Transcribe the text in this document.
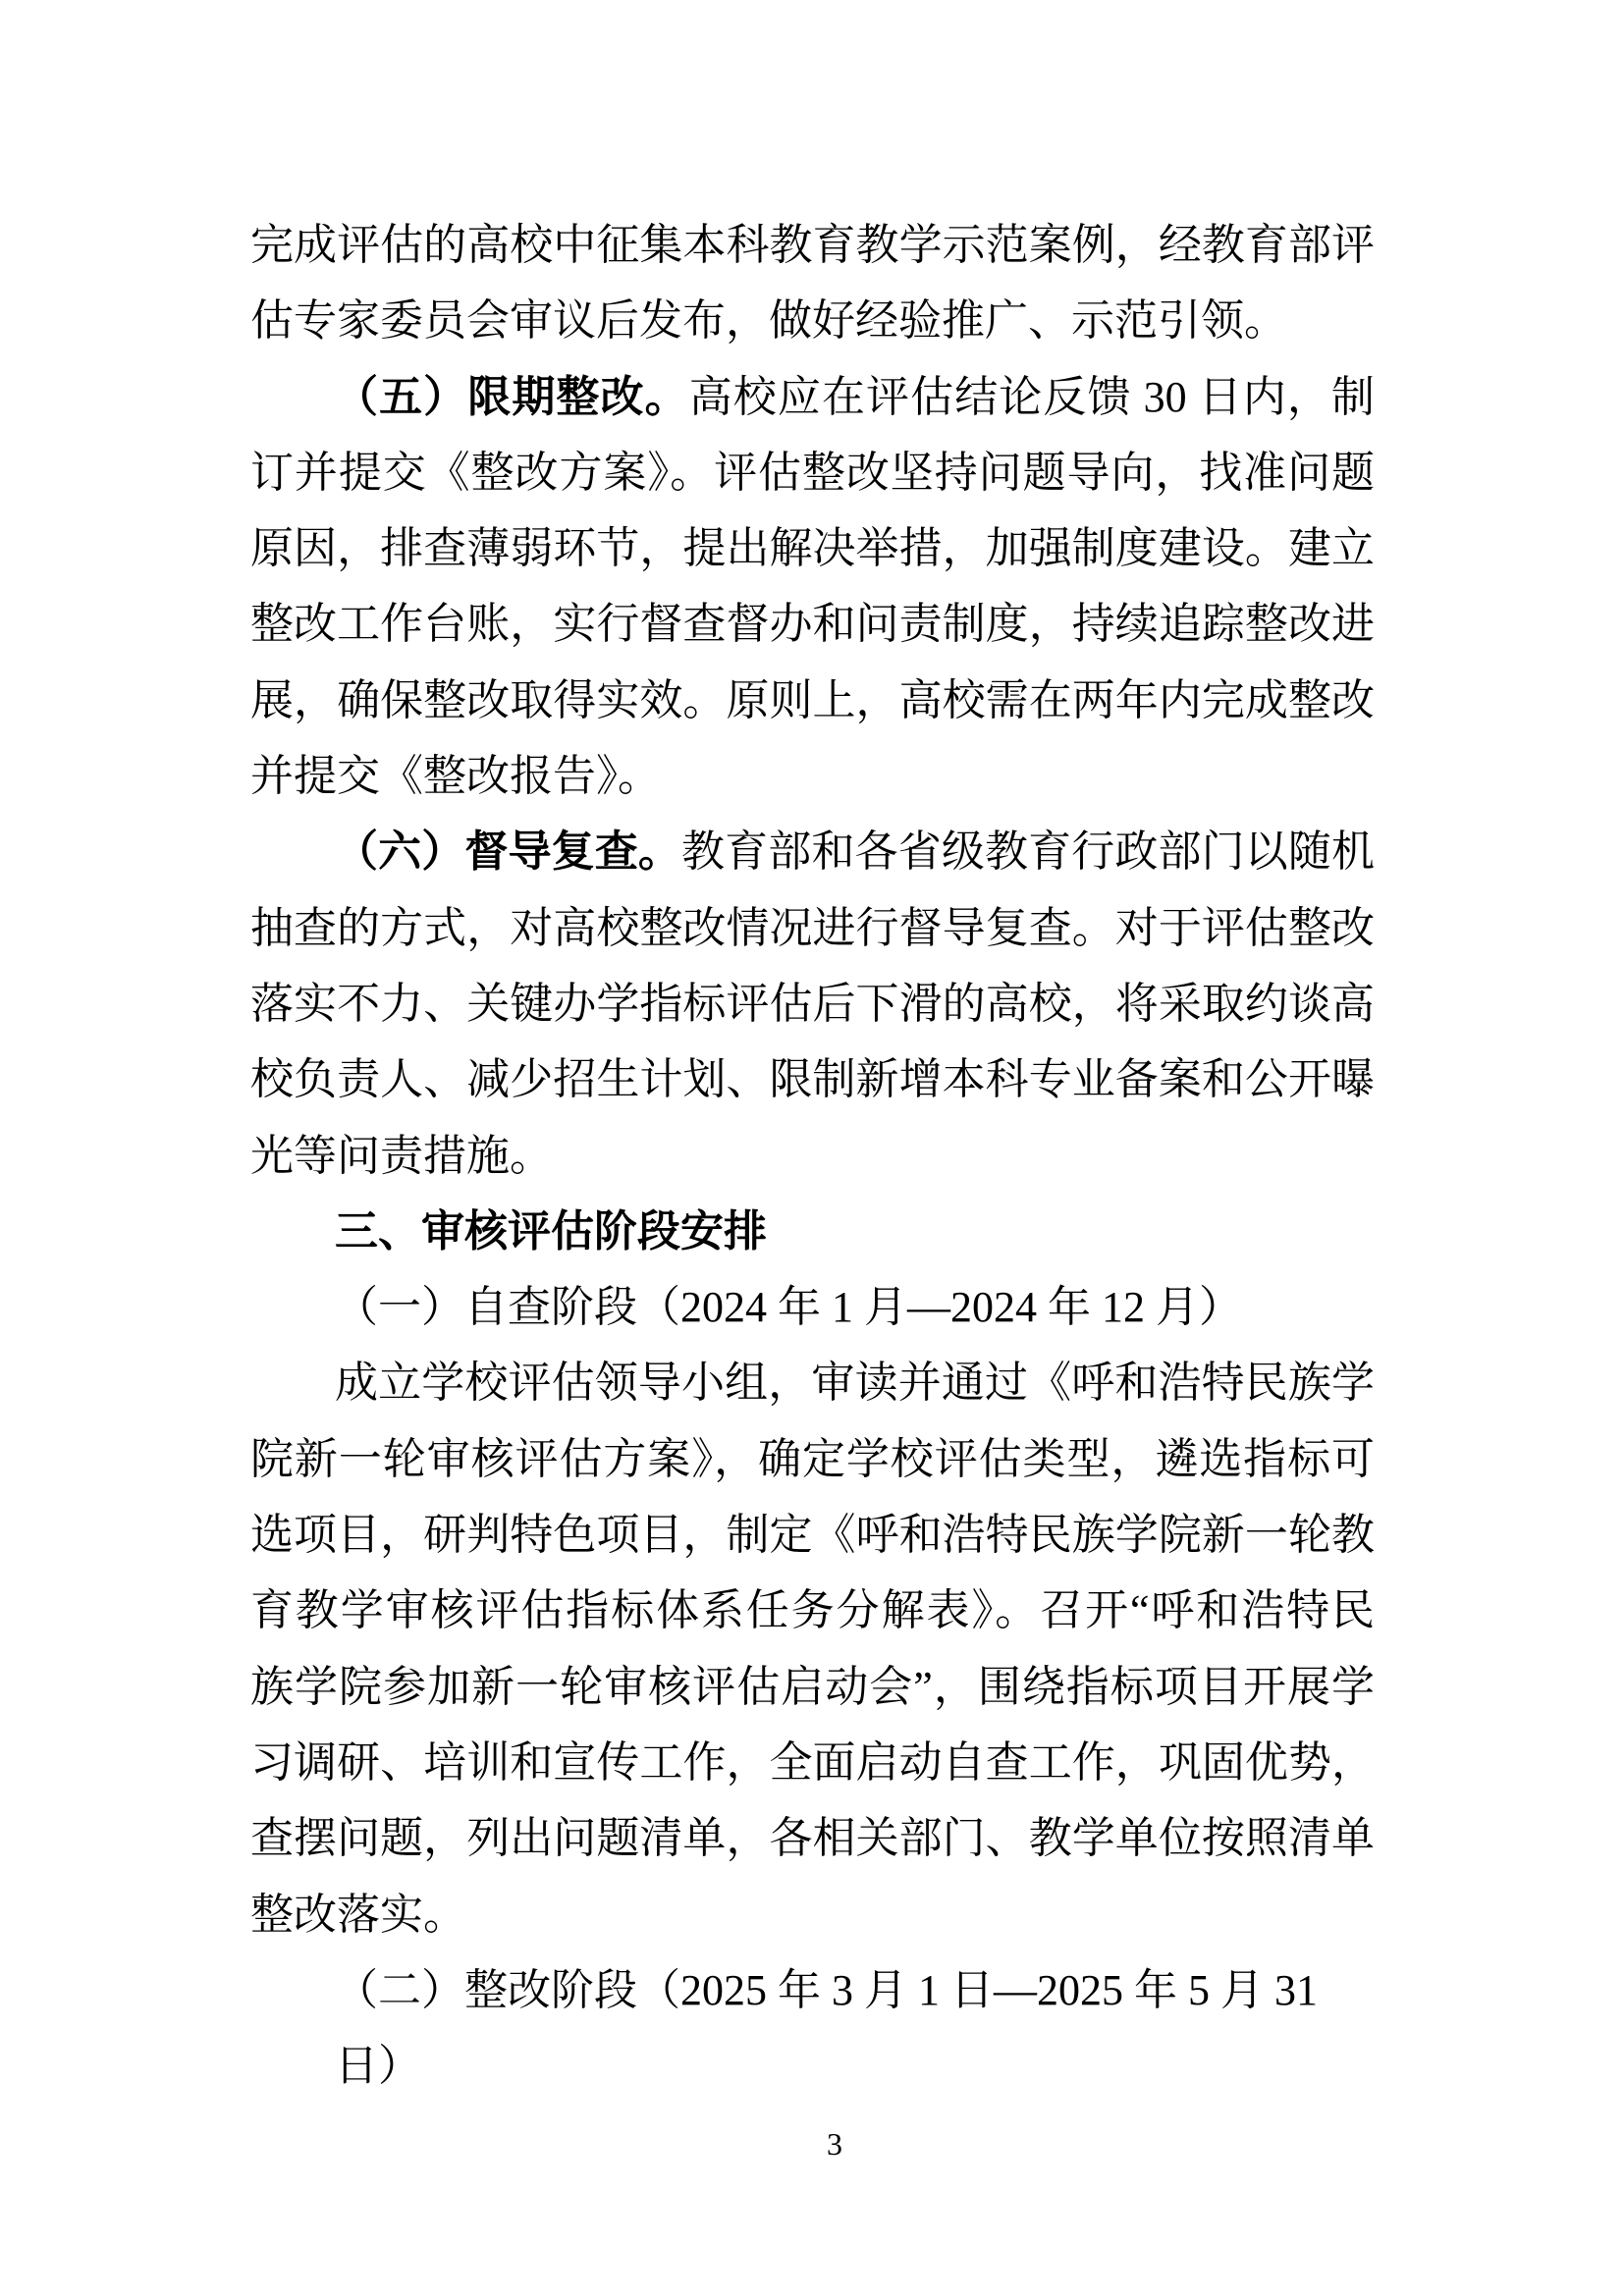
完成评估的高校中征集本科教育教学示范案例，经教育部评
估专家委员会审议后发布，做好经验推广、示范引领。
（五）限期整改。高校应在评估结论反馈 30 日内，制
订并提交《整改方案》。评估整改坚持问题导向，找准问题
原因，排查薄弱环节，提出解决举措，加强制度建设。建立
整改工作台账，实行督查督办和问责制度，持续追踪整改进
展，确保整改取得实效。原则上，高校需在两年内完成整改
并提交《整改报告》。
（六）督导复查。教育部和各省级教育行政部门以随机
抽查的方式，对高校整改情况进行督导复查。对于评估整改
落实不力、关键办学指标评估后下滑的高校，将采取约谈高
校负责人、减少招生计划、限制新增本科专业备案和公开曝
光等问责措施。
三、审核评估阶段安排
（一）自查阶段（2024 年 1 月—2024 年 12 月）
成立学校评估领导小组，审读并通过《呼和浩特民族学
院新一轮审核评估方案》，确定学校评估类型，遴选指标可
选项目，研判特色项目，制定《呼和浩特民族学院新一轮教
育教学审核评估指标体系任务分解表》。召开“呼和浩特民
族学院参加新一轮审核评估启动会”，围绕指标项目开展学
习调研、培训和宣传工作，全面启动自查工作，巩固优势，
查摆问题，列出问题清单，各相关部门、教学单位按照清单
整改落实。
（二）整改阶段（2025 年 3 月 1 日—2025 年 5 月 31 日）
3
